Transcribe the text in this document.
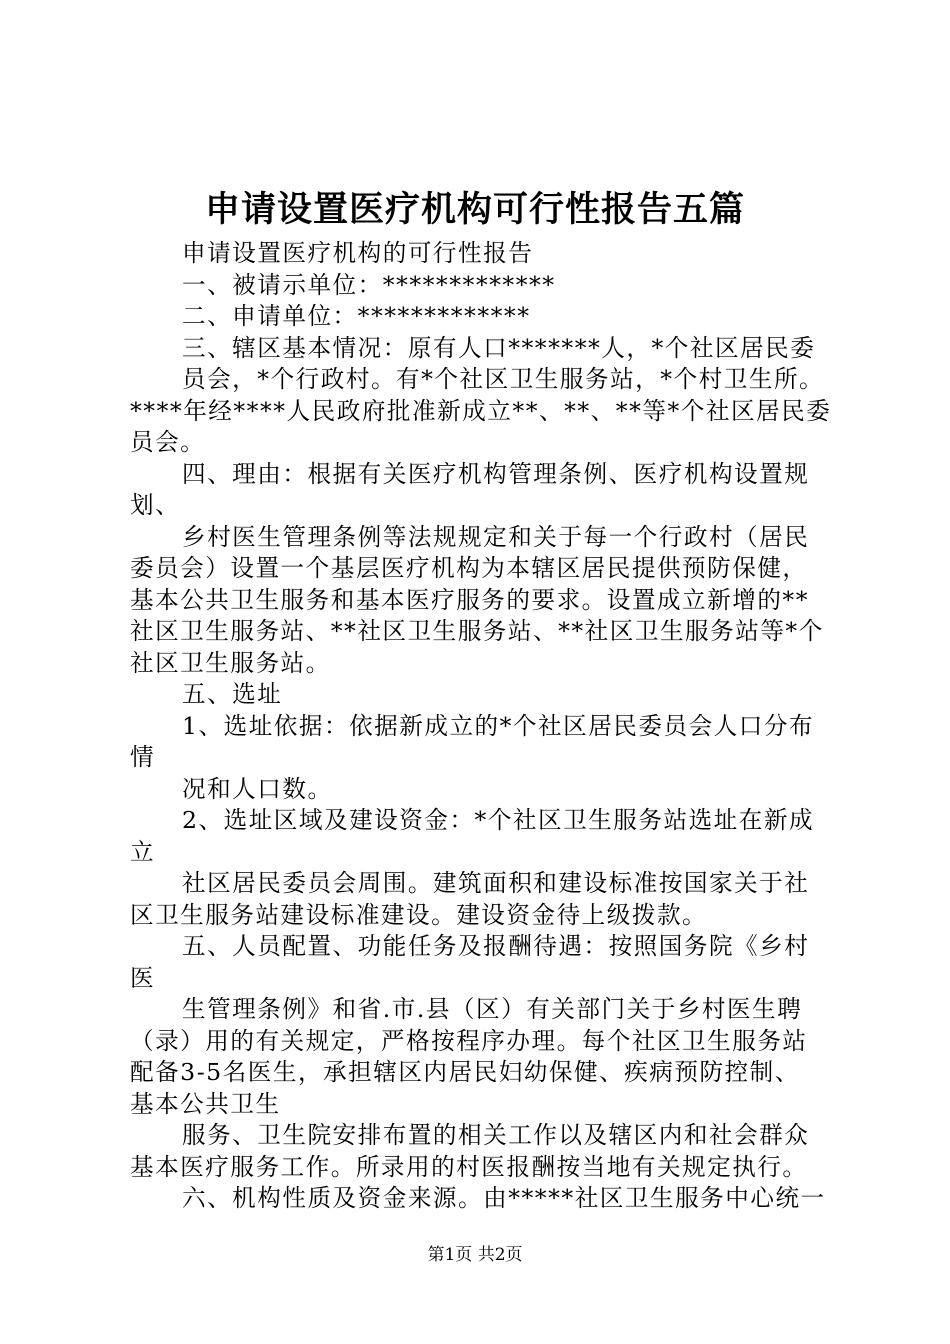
申请设置医疗机构可行性报告五篇
申请设置医疗机构的可行性报告
一、被请示单位：*************
二、申请单位：*************
三、辖区基本情况：原有人口*******人，*个社区居民委
员会，*个行政村。有*个社区卫生服务站，*个村卫生所。
****年经****人民政府批准新成立**、**、**等*个社区居民委
员会。
四、理由：根据有关医疗机构管理条例、医疗机构设置规
划、
乡村医生管理条例等法规规定和关于每一个行政村（居民
委员会）设置一个基层医疗机构为本辖区居民提供预防保健，
基本公共卫生服务和基本医疗服务的要求。设置成立新增的**
社区卫生服务站、**社区卫生服务站、**社区卫生服务站等*个
社区卫生服务站。
五、选址
1、选址依据：依据新成立的*个社区居民委员会人口分布
情
况和人口数。
2、选址区域及建设资金：*个社区卫生服务站选址在新成
立
社区居民委员会周围。建筑面积和建设标准按国家关于社
区卫生服务站建设标准建设。建设资金待上级拨款。
五、人员配置、功能任务及报酬待遇：按照国务院《乡村
医
生管理条例》和省.市.县（区）有关部门关于乡村医生聘
（录）用的有关规定，严格按程序办理。每个社区卫生服务站
配备3-5名医生，承担辖区内居民妇幼保健、疾病预防控制、
基本公共卫生
服务、卫生院安排布置的相关工作以及辖区内和社会群众
基本医疗服务工作。所录用的村医报酬按当地有关规定执行。
六、机构性质及资金来源。由*****社区卫生服务中心统一
第1页 共2页
